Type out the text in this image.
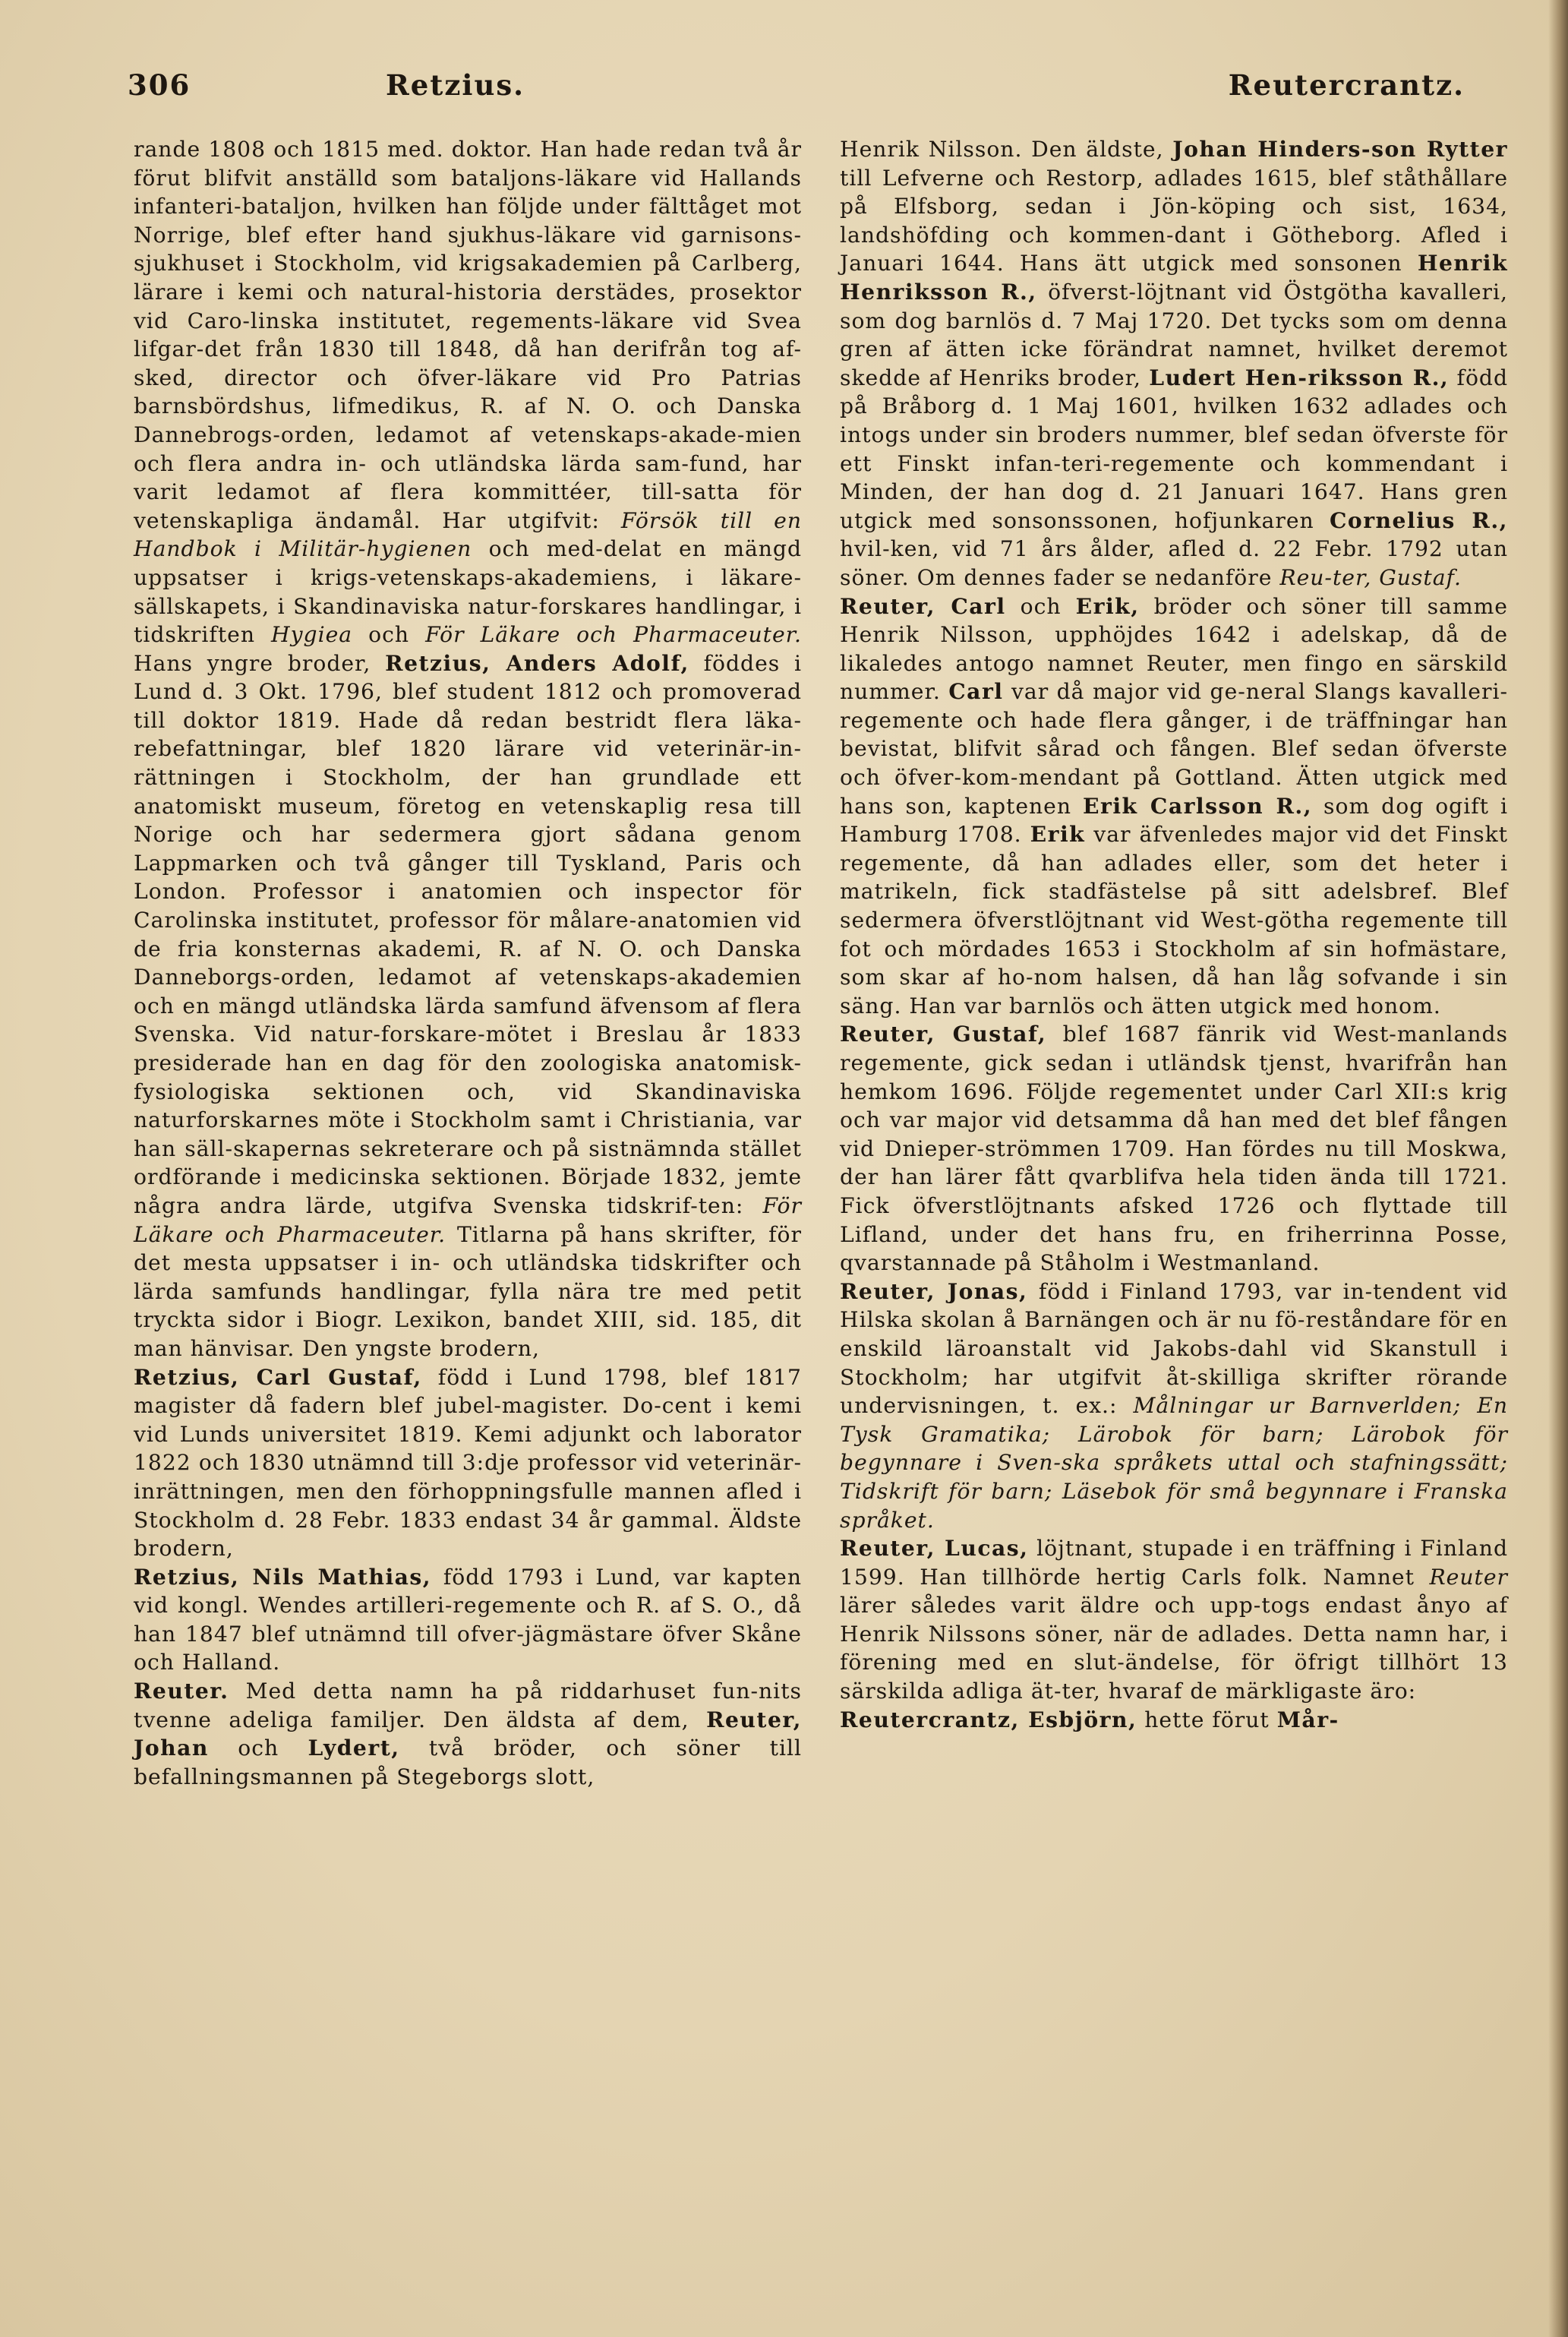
306	Retzius.	Reutercrantz.

rande 1808 och 1815 med. doktor. Han hade redan två år förut blifvit anställd som bataljons-läkare vid Hallands infanteri-bataljon, hvilken han följde under fälttåget mot Norrige, blef efter hand sjukhus-läkare vid garnisons-sjukhuset i Stockholm, vid krigsakademien på Carlberg, lärare i kemi och natural-historia derstädes, prosektor vid Caro-linska institutet, regements-läkare vid Svea lifgar-det från 1830 till 1848, då han derifrån tog af-sked, director och öfver-läkare vid Pro Patrias barnsbördshus, lifmedikus, R. af N. O. och Danska Dannebrogs-orden, ledamot af vetenskaps-akade-mien och flera andra in- och utländska lärda sam-fund, har varit ledamot af flera kommittéer, till-satta för vetenskapliga ändamål. Har utgifvit: Försök till en Handbok i Militär-hygienen och med-delat en mängd uppsatser i krigs-vetenskaps-akademiens, i läkare-sällskapets, i Skandinaviska natur-forskares handlingar, i tidskriften Hygiea och För Läkare och Pharmaceuter. Hans yngre broder, Retzius, Anders Adolf, föddes i Lund d. 3 Okt. 1796, blef student 1812 och promoverad till doktor 1819. Hade då redan bestridt flera läka-rebefattningar, blef 1820 lärare vid veterinär-in-rättningen i Stockholm, der han grundlade ett anatomiskt museum, företog en vetenskaplig resa till Norige och har sedermera gjort sådana genom Lappmarken och två gånger till Tyskland, Paris och London. Professor i anatomien och inspector för Carolinska institutet, professor för målare-anatomien vid de fria konsternas akademi, R. af N. O. och Danska Danneborgs-orden, ledamot af vetenskaps-akademien och en mängd utländska lärda samfund äfvensom af flera Svenska. Vid natur-forskare-mötet i Breslau år 1833 presiderade han en dag för den zoologiska anatomisk-fysiologiska sektionen och, vid Skandinaviska naturforskarnes möte i Stockholm samt i Christiania, var han säll-skapernas sekreterare och på sistnämnda stället ordförande i medicinska sektionen. Började 1832, jemte några andra lärde, utgifva Svenska tidskrif-ten: För Läkare och Pharmaceuter. Titlarna på hans skrifter, för det mesta uppsatser i in- och utländska tidskrifter och lärda samfunds handlingar, fylla nära tre med petit tryckta sidor i Biogr. Lexikon, bandet XIII, sid. 185, dit man hänvisar. Den yngste brodern,

Retzius, Carl Gustaf, född i Lund 1798, blef 1817 magister då fadern blef jubel-magister. Do-cent i kemi vid Lunds universitet 1819. Kemi adjunkt och laborator 1822 och 1830 utnämnd till 3:dje professor vid veterinär-inrättningen, men den förhoppningsfulle mannen afled i Stockholm d. 28 Febr. 1833 endast 34 år gammal. Äldste brodern,

Retzius, Nils Mathias, född 1793 i Lund, var kapten vid kongl. Wendes artilleri-regemente och R. af S. O., då han 1847 blef utnämnd till ofver-jägmästare öfver Skåne och Halland.

Reuter. Med detta namn ha på riddarhuset fun-nits tvenne adeliga familjer. Den äldsta af dem, Reuter, Johan och Lydert, två bröder, och söner till befallningsmannen på Stegeborgs slott,

Henrik Nilsson. Den äldste, Johan Hinders-son Rytter till Lefverne och Restorp, adlades 1615, blef ståthållare på Elfsborg, sedan i Jön-köping och sist, 1634, landshöfding och kommen-dant i Götheborg. Afled i Januari 1644. Hans ätt utgick med sonsonen Henrik Henriksson R., öfverst-löjtnant vid Östgötha kavalleri, som dog barnlös d. 7 Maj 1720. Det tycks som om denna gren af ätten icke förändrat namnet, hvilket deremot skedde af Henriks broder, Ludert Hen-riksson R., född på Bråborg d. 1 Maj 1601, hvilken 1632 adlades och intogs under sin broders nummer, blef sedan öfverste för ett Finskt infan-teri-regemente och kommendant i Minden, der han dog d. 21 Januari 1647. Hans gren utgick med sonsonssonen, hofjunkaren Cornelius R., hvil-ken, vid 71 års ålder, afled d. 22 Febr. 1792 utan söner. Om dennes fader se nedanföre Reu-ter, Gustaf.

Reuter, Carl och Erik, bröder och söner till samme Henrik Nilsson, upphöjdes 1642 i adelskap, då de likaledes antogo namnet Reuter, men fingo en särskild nummer. Carl var då major vid ge-neral Slangs kavalleri-regemente och hade flera gånger, i de träffningar han bevistat, blifvit sårad och fången. Blef sedan öfverste och öfver-kom-mendant på Gottland. Ätten utgick med hans son, kaptenen Erik Carlsson R., som dog ogift i Hamburg 1708. Erik var äfvenledes major vid det Finskt regemente, då han adlades eller, som det heter i matrikeln, fick stadfästelse på sitt adelsbref. Blef sedermera öfverstlöjtnant vid West-götha regemente till fot och mördades 1653 i Stockholm af sin hofmästare, som skar af ho-nom halsen, då han låg sofvande i sin säng. Han var barnlös och ätten utgick med honom.

Reuter, Gustaf, blef 1687 fänrik vid West-manlands regemente, gick sedan i utländsk tjenst, hvarifrån han hemkom 1696. Följde regementet under Carl XII:s krig och var major vid detsamma då han med det blef fången vid Dnieper-strömmen 1709. Han fördes nu till Moskwa, der han lärer fått qvarblifva hela tiden ända till 1721. Fick öfverstlöjtnants afsked 1726 och flyttade till Lifland, under det hans fru, en friherrinna Posse, qvarstannade på Ståholm i Westmanland.

Reuter, Jonas, född i Finland 1793, var in-tendent vid Hilska skolan å Barnängen och är nu fö-reståndare för en enskild läroanstalt vid Jakobs-dahl vid Skanstull i Stockholm; har utgifvit åt-skilliga skrifter rörande undervisningen, t. ex.: Målningar ur Barnverlden; En Tysk Gramatika; Lärobok för barn; Lärobok för begynnare i Sven-ska språkets uttal och stafningssätt; Tidskrift för barn; Läsebok för små begynnare i Franska språket.

Reuter, Lucas, löjtnant, stupade i en träffning i Finland 1599. Han tillhörde hertig Carls folk. Namnet Reuter lärer således varit äldre och upp-togs endast ånyo af Henrik Nilssons söner, när de adlades. Detta namn har, i förening med en slut-ändelse, för öfrigt tillhört 13 särskilda adliga ät-ter, hvaraf de märkligaste äro:

Reutercrantz, Esbjörn, hette förut Mår-
